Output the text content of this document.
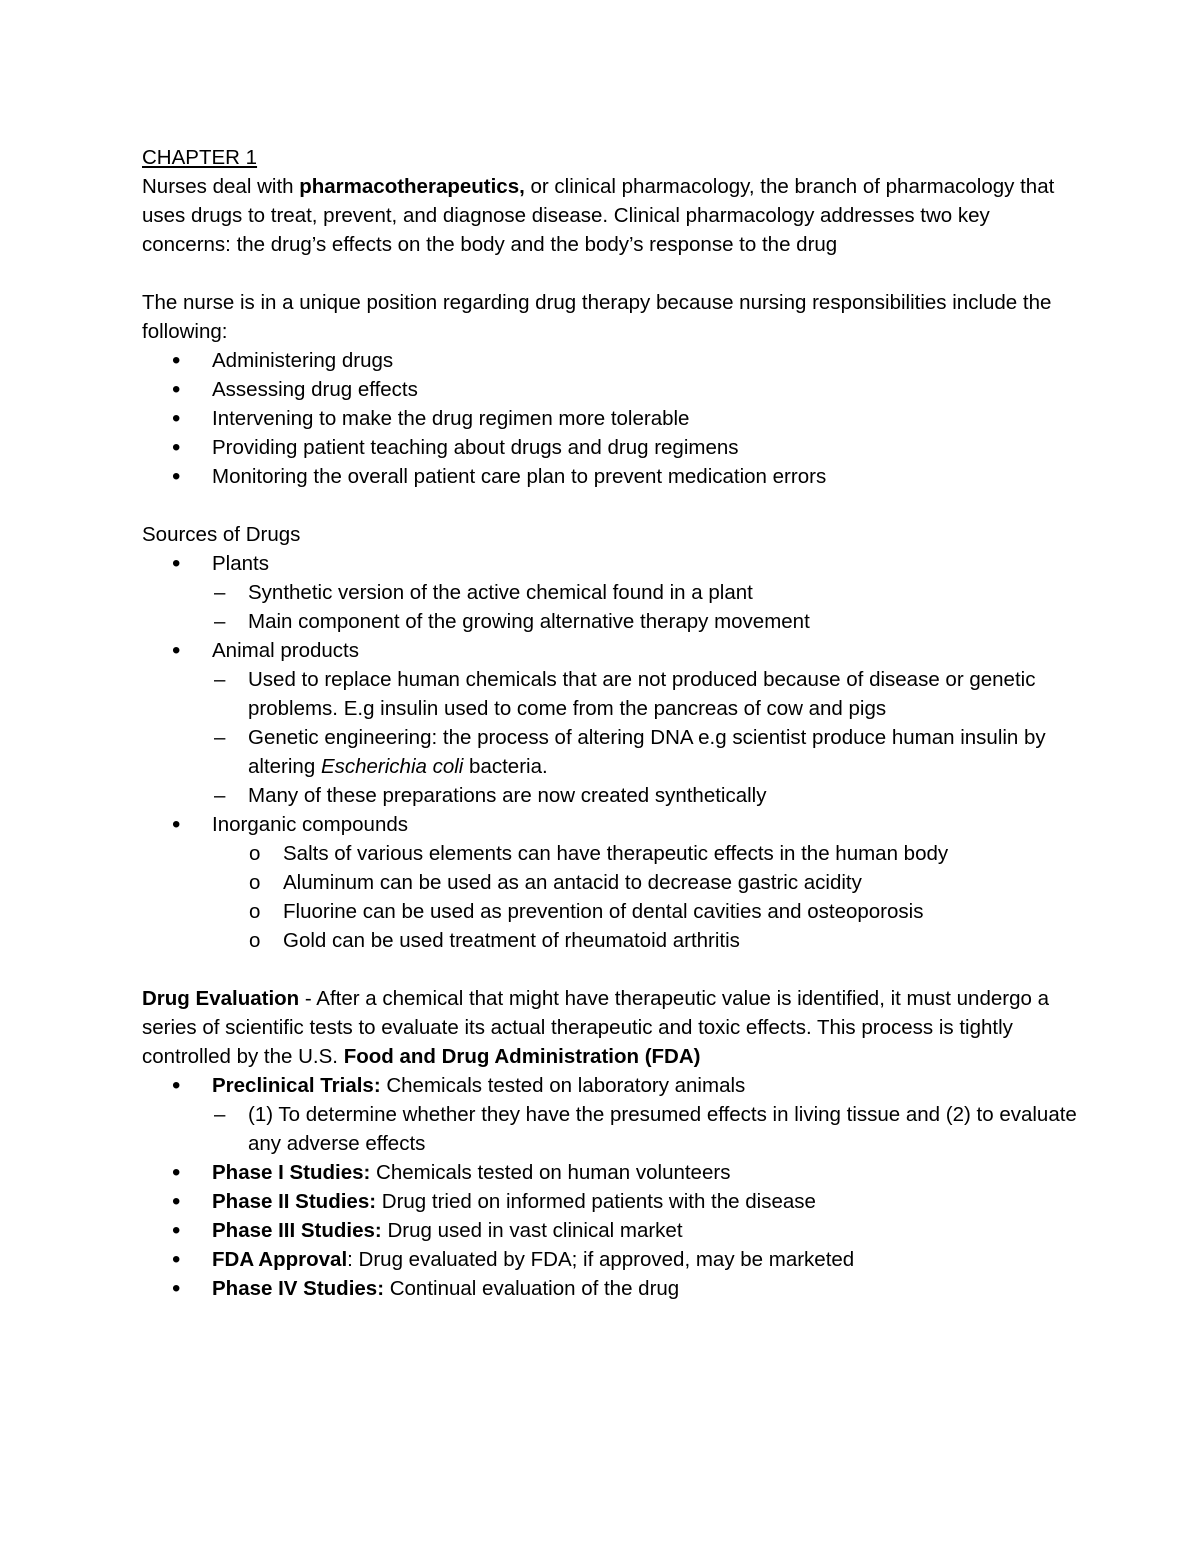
CHAPTER 1

Nurses deal with pharmacotherapeutics, or clinical pharmacology, the branch of pharmacology that uses drugs to treat, prevent, and diagnose disease. Clinical pharmacology addresses two key concerns: the drug’s effects on the body and the body’s response to the drug

The nurse is in a unique position regarding drug therapy because nursing responsibilities include the following:

• Administering drugs
• Assessing drug effects
• Intervening to make the drug regimen more tolerable
• Providing patient teaching about drugs and drug regimens
• Monitoring the overall patient care plan to prevent medication errors

Sources of Drugs

• Plants
– Synthetic version of the active chemical found in a plant
– Main component of the growing alternative therapy movement
• Animal products
– Used to replace human chemicals that are not produced because of disease or genetic problems. E.g insulin used to come from the pancreas of cow and pigs
– Genetic engineering: the process of altering DNA e.g scientist produce human insulin by altering Escherichia coli bacteria.
– Many of these preparations are now created synthetically
• Inorganic compounds
o Salts of various elements can have therapeutic effects in the human body
o Aluminum can be used as an antacid to decrease gastric acidity
o Fluorine can be used as prevention of dental cavities and osteoporosis
o Gold can be used treatment of rheumatoid arthritis

Drug Evaluation - After a chemical that might have therapeutic value is identified, it must undergo a series of scientific tests to evaluate its actual therapeutic and toxic effects. This process is tightly controlled by the U.S. Food and Drug Administration (FDA)

• Preclinical Trials: Chemicals tested on laboratory animals
– (1) To determine whether they have the presumed effects in living tissue and (2) to evaluate any adverse effects
• Phase I Studies: Chemicals tested on human volunteers
• Phase II Studies: Drug tried on informed patients with the disease
• Phase III Studies: Drug used in vast clinical market
• FDA Approval: Drug evaluated by FDA; if approved, may be marketed
• Phase IV Studies: Continual evaluation of the drug
